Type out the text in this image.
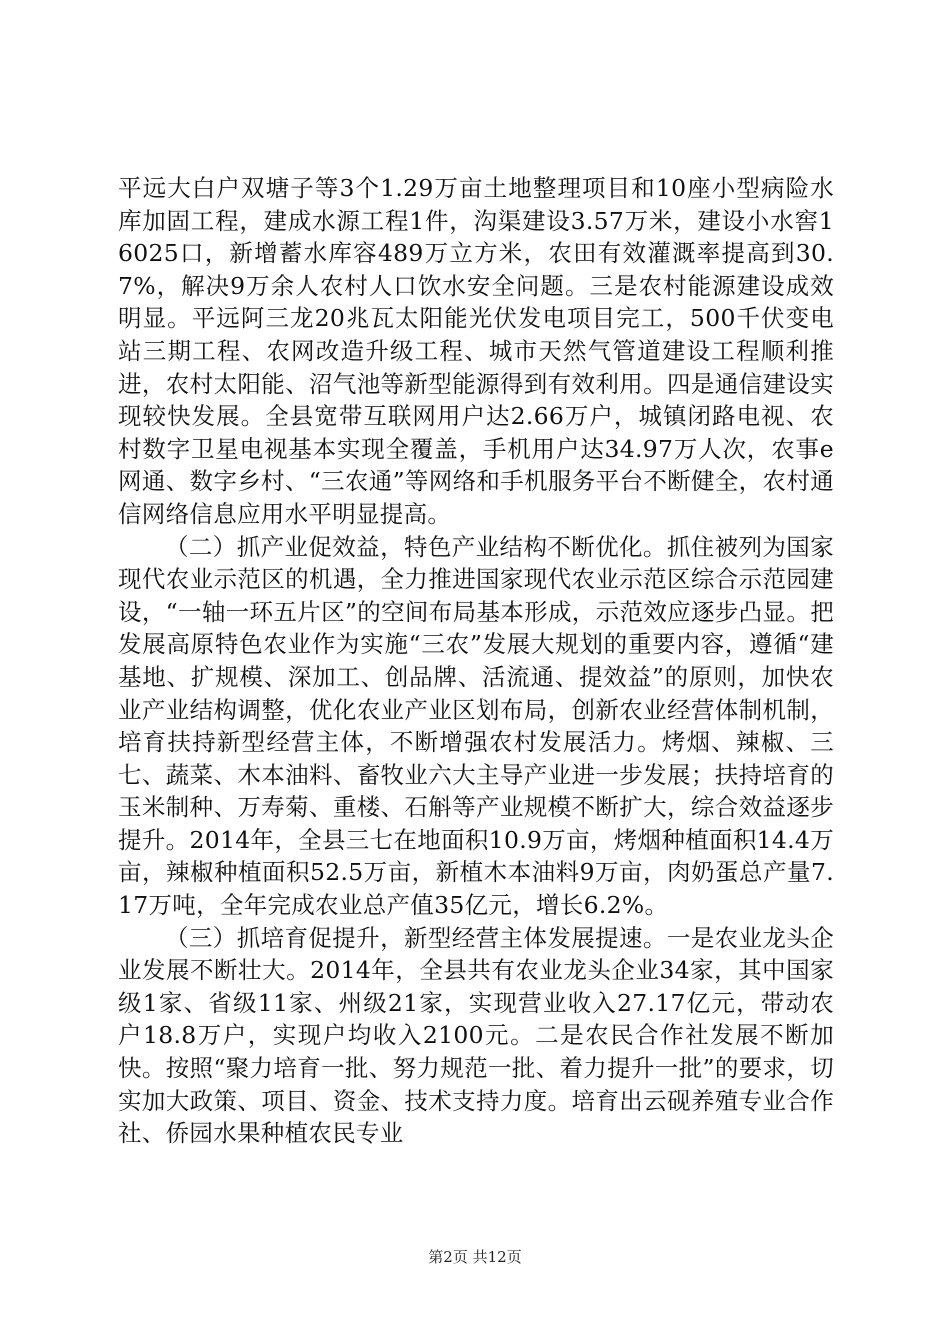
平远大白户双塘子等3个1.29万亩土地整理项目和10座小型病险水库加固工程，建成水源工程1件，沟渠建设3.57万米，建设小水窖16025口，新增蓄水库容489万立方米，农田有效灌溉率提高到30.7%，解决9万余人农村人口饮水安全问题。三是农村能源建设成效明显。平远阿三龙20兆瓦太阳能光伏发电项目完工，500千伏变电站三期工程、农网改造升级工程、城市天然气管道建设工程顺利推进，农村太阳能、沼气池等新型能源得到有效利用。四是通信建设实现较快发展。全县宽带互联网用户达2.66万户，城镇闭路电视、农村数字卫星电视基本实现全覆盖，手机用户达34.97万人次，农事e网通、数字乡村、“三农通”等网络和手机服务平台不断健全，农村通信网络信息应用水平明显提高。

（二）抓产业促效益，特色产业结构不断优化。抓住被列为国家现代农业示范区的机遇，全力推进国家现代农业示范区综合示范园建设，“一轴一环五片区”的空间布局基本形成，示范效应逐步凸显。把发展高原特色农业作为实施“三农”发展大规划的重要内容，遵循“建基地、扩规模、深加工、创品牌、活流通、提效益”的原则，加快农业产业结构调整，优化农业产业区划布局，创新农业经营体制机制，培育扶持新型经营主体，不断增强农村发展活力。烤烟、辣椒、三七、蔬菜、木本油料、畜牧业六大主导产业进一步发展；扶持培育的玉米制种、万寿菊、重楼、石斛等产业规模不断扩大，综合效益逐步提升。2014年，全县三七在地面积10.9万亩，烤烟种植面积14.4万亩，辣椒种植面积52.5万亩，新植木本油料9万亩，肉奶蛋总产量7.17万吨，全年完成农业总产值35亿元，增长6.2%。

（三）抓培育促提升，新型经营主体发展提速。一是农业龙头企业发展不断壮大。2014年，全县共有农业龙头企业34家，其中国家级1家、省级11家、州级21家，实现营业收入27.17亿元，带动农户18.8万户，实现户均收入2100元。二是农民合作社发展不断加快。按照“聚力培育一批、努力规范一批、着力提升一批”的要求，切实加大政策、项目、资金、技术支持力度。培育出云砚养殖专业合作社、侨园水果种植农民专业

第2页 共12页
